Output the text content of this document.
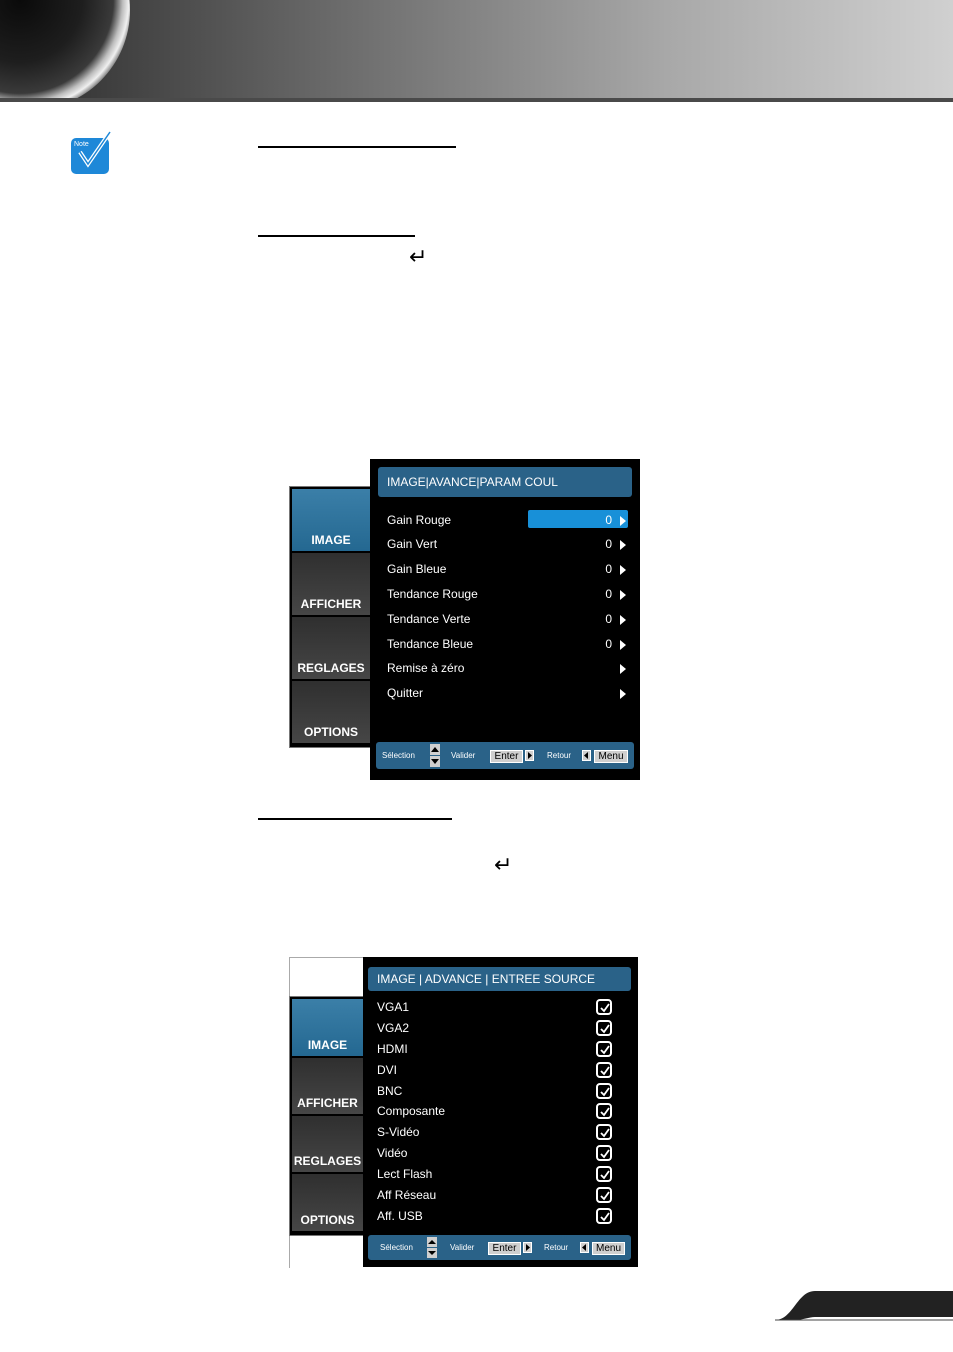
Note
↵
↵
IMAGE
AFFICHER
REGLAGES
OPTIONS
IMAGE|AVANCE|PARAM COUL
Gain Rouge	0
Gain Vert	0
Gain Bleue	0
Tendance Rouge	0
Tendance Verte	0
Tendance Bleue	0
Remise à zéro
Quitter
Sélection	Valider	Enter	Retour	Menu
IMAGE
AFFICHER
REGLAGES
OPTIONS
IMAGE | ADVANCE | ENTREE SOURCE
VGA1
VGA2
HDMI
DVI
BNC
Composante
S-Vidéo
Vidéo
Lect Flash
Aff Réseau
Aff. USB
Sélection	Valider	Enter	Retour	Menu
